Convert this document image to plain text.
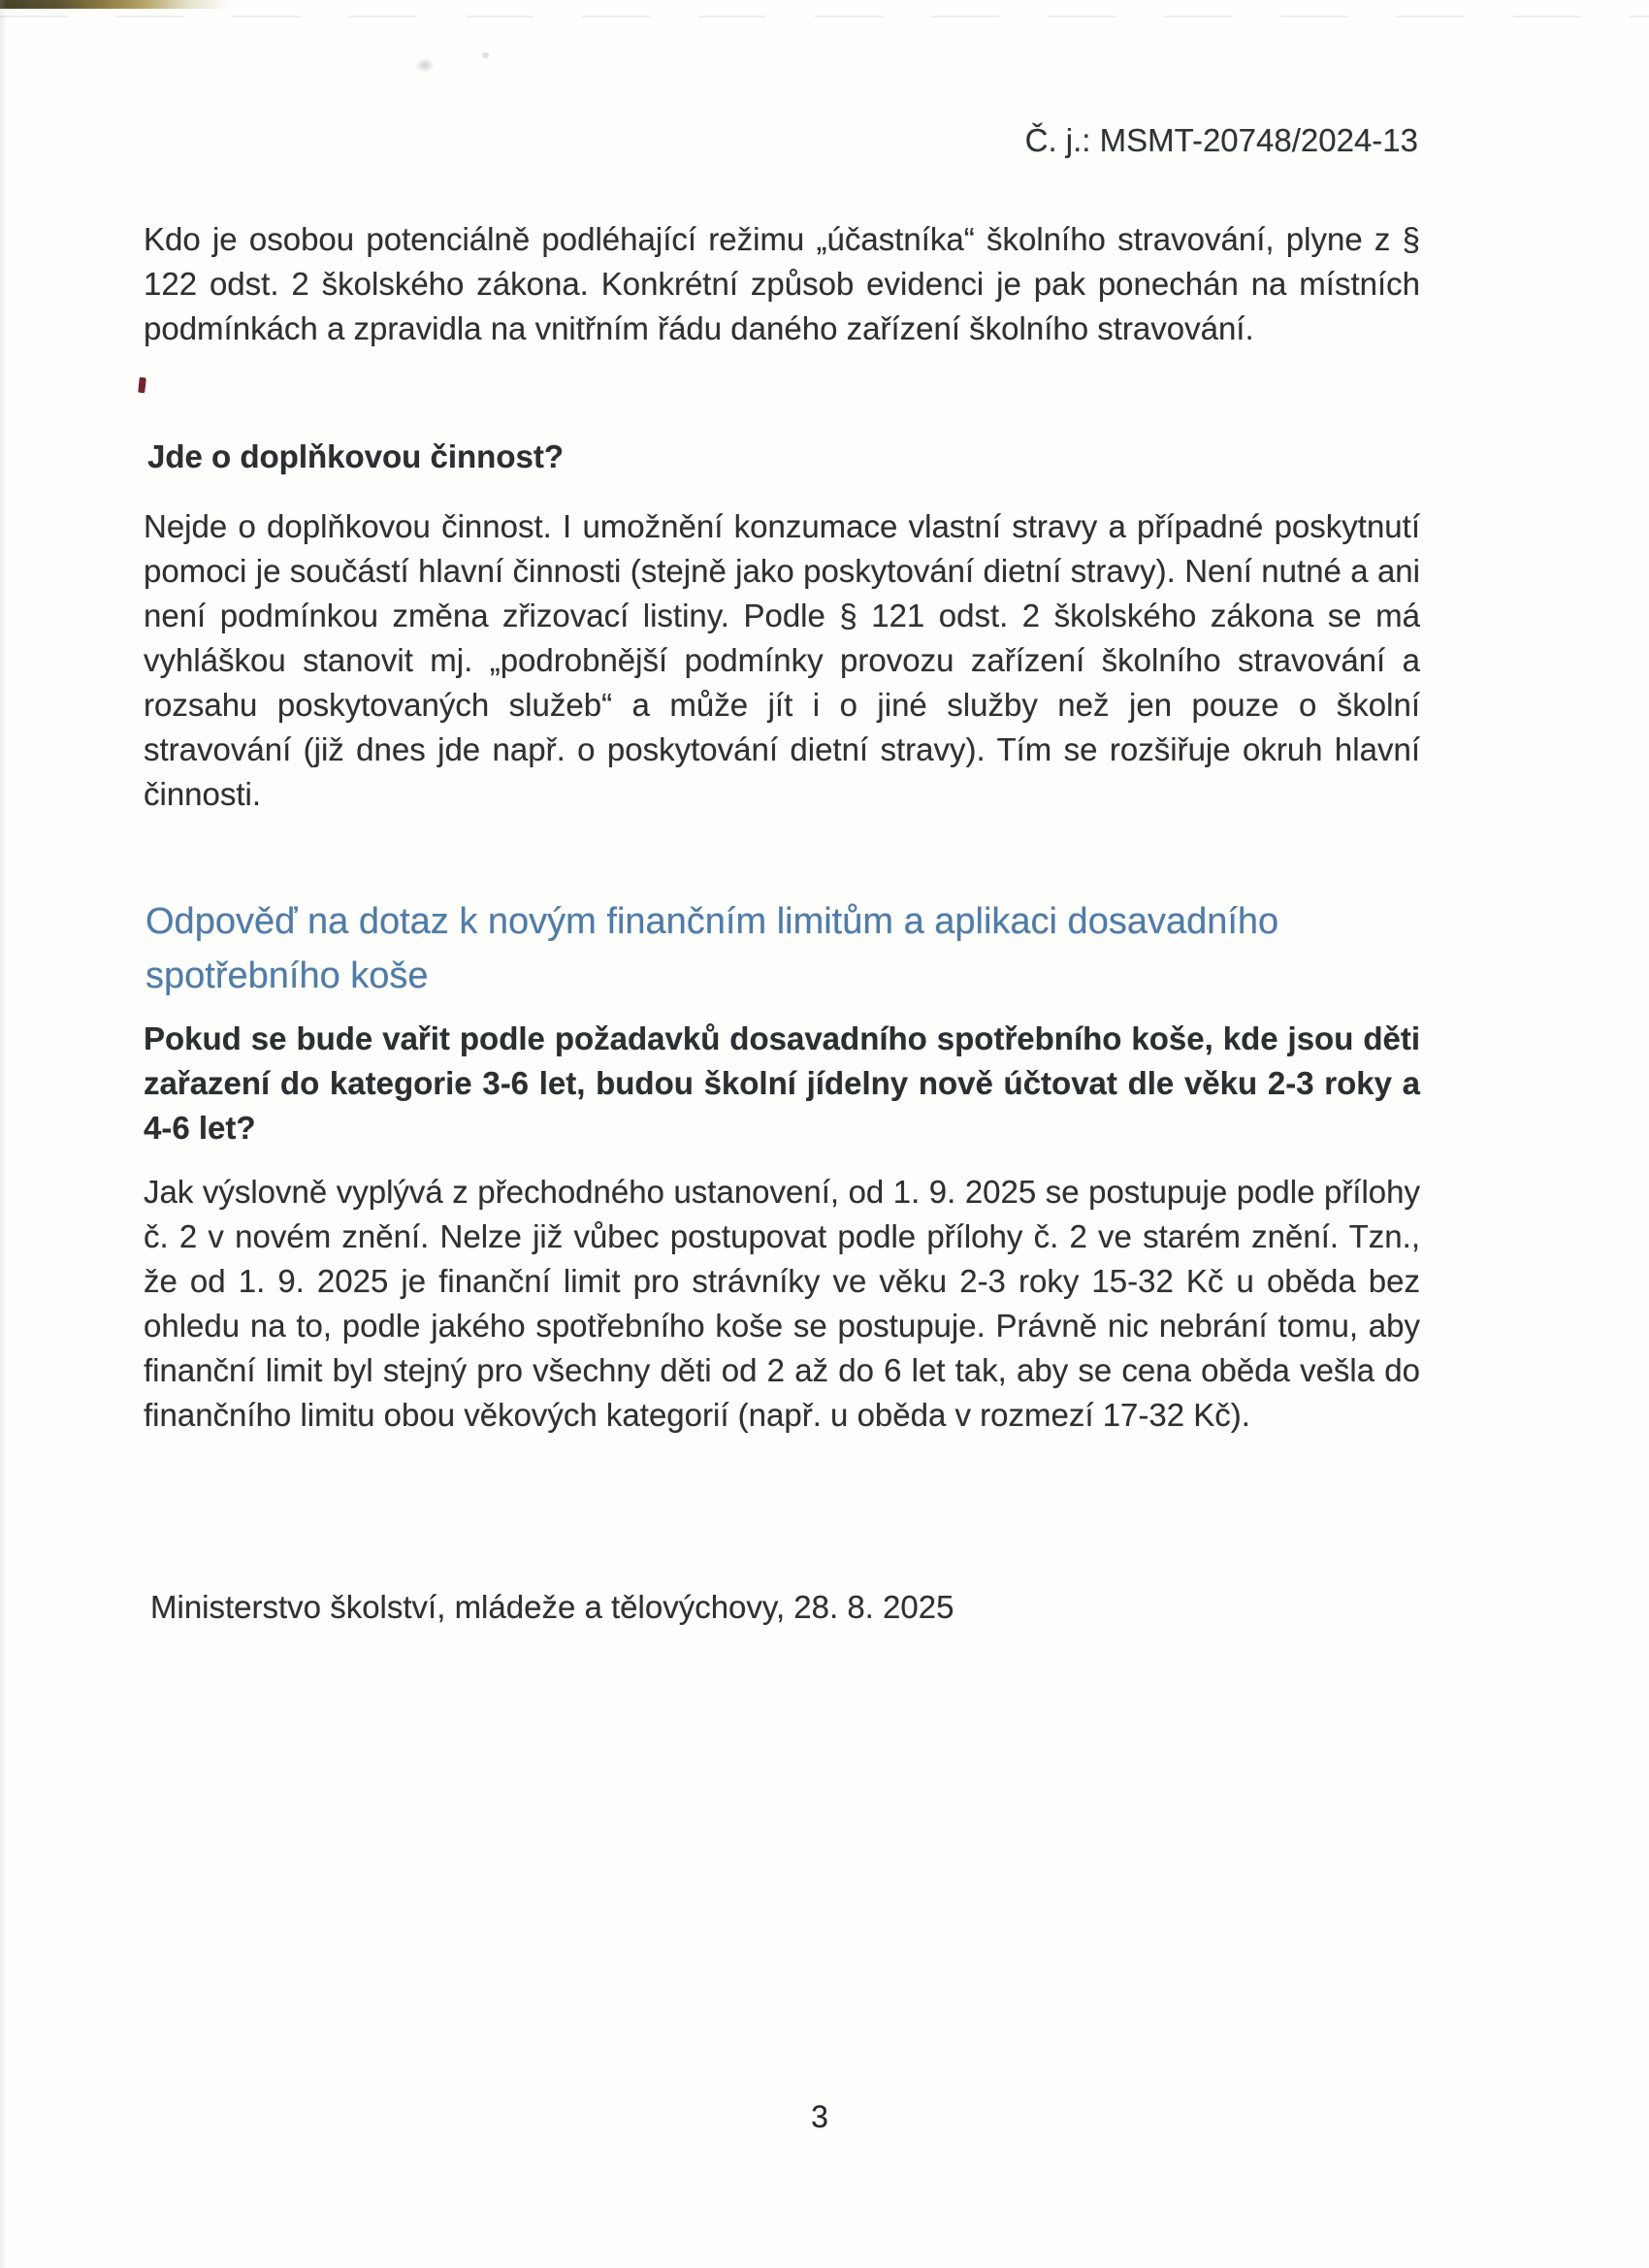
Č. j.: MSMT-20748/2024-13
Kdo je osobou potenciálně podléhající režimu „účastníka“ školního stravování, plyne z § 122 odst. 2 školského zákona. Konkrétní způsob evidenci je pak ponechán na místních podmínkách a zpravidla na vnitřním řádu daného zařízení školního stravování.
Jde o doplňkovou činnost?
Nejde o doplňkovou činnost. I umožnění konzumace vlastní stravy a případné poskytnutí pomoci je součástí hlavní činnosti (stejně jako poskytování dietní stravy). Není nutné a ani není podmínkou změna zřizovací listiny. Podle § 121 odst. 2 školského zákona se má vyhláškou stanovit mj. „podrobnější podmínky provozu zařízení školního stravování a rozsahu poskytovaných služeb“ a může jít i o jiné služby než jen pouze o školní stravování (již dnes jde např. o poskytování dietní stravy). Tím se rozšiřuje okruh hlavní činnosti.
Odpověď na dotaz k novým finančním limitům a aplikaci dosavadního spotřebního koše
Pokud se bude vařit podle požadavků dosavadního spotřebního koše, kde jsou děti zařazení do kategorie 3-6 let, budou školní jídelny nově účtovat dle věku 2-3 roky a 4-6 let?
Jak výslovně vyplývá z přechodného ustanovení, od 1. 9. 2025 se postupuje podle přílohy č. 2 v novém znění. Nelze již vůbec postupovat podle přílohy č. 2 ve starém znění. Tzn., že od 1. 9. 2025 je finanční limit pro strávníky ve věku 2-3 roky 15-32 Kč u oběda bez ohledu na to, podle jakého spotřebního koše se postupuje. Právně nic nebrání tomu, aby finanční limit byl stejný pro všechny děti od 2 až do 6 let tak, aby se cena oběda vešla do finančního limitu obou věkových kategorií (např. u oběda v rozmezí 17-32 Kč).
Ministerstvo školství, mládeže a tělovýchovy, 28. 8. 2025
3
